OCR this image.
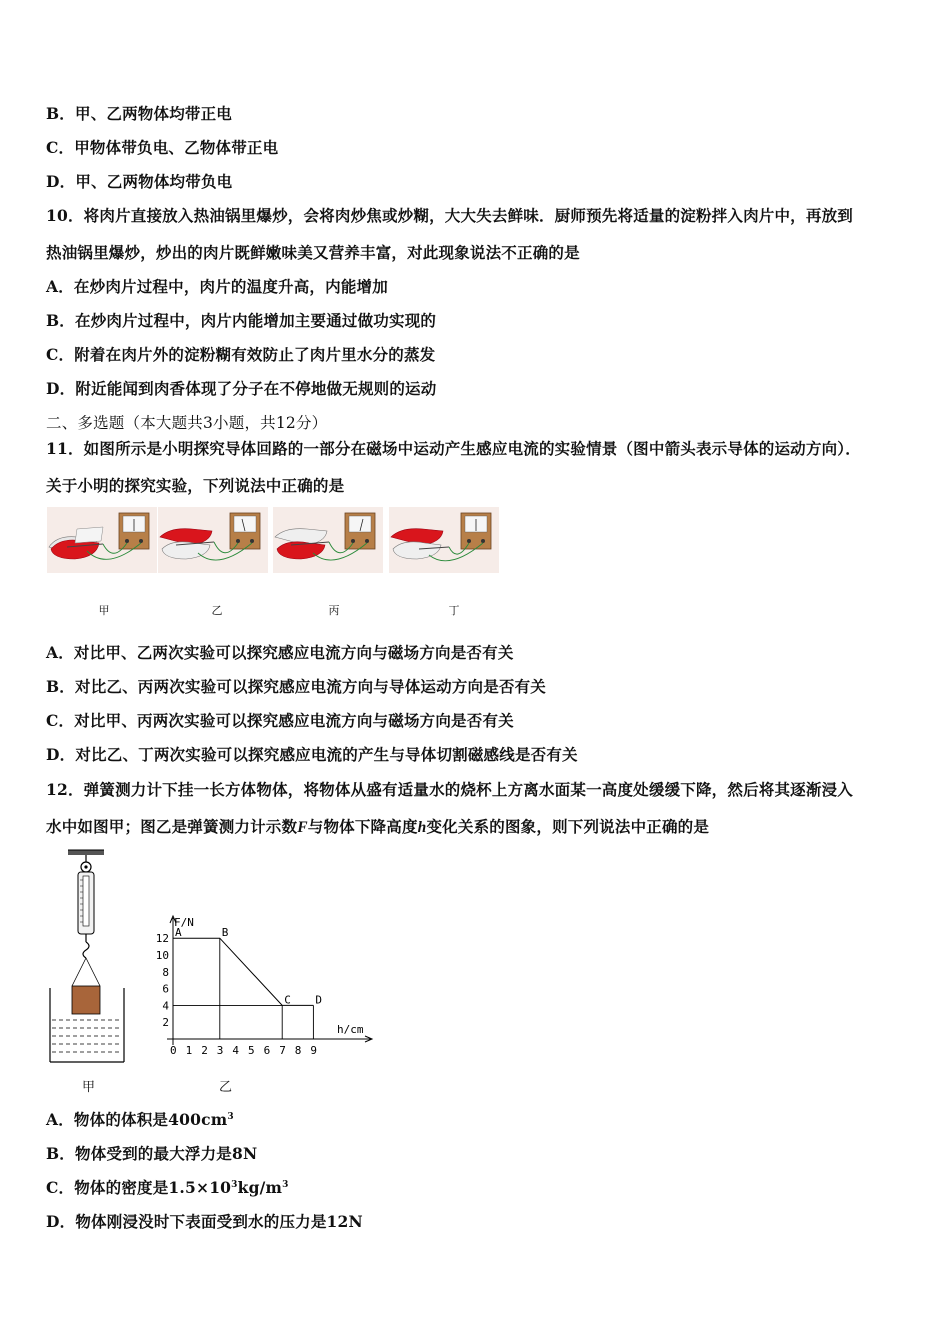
B．甲、乙两物体均带正电
C．甲物体带负电、乙物体带正电
D．甲、乙两物体均带负电
10．将肉片直接放入热油锅里爆炒，会将肉炒焦或炒糊，大大失去鲜味．厨师预先将适量的淀粉拌入肉片中，再放到
热油锅里爆炒，炒出的肉片既鲜嫩味美又营养丰富，对此现象说法不正确的是
A．在炒肉片过程中，肉片的温度升高，内能增加
B．在炒肉片过程中，肉片内能增加主要通过做功实现的
C．附着在肉片外的淀粉糊有效防止了肉片里水分的蒸发
D．附近能闻到肉香体现了分子在不停地做无规则的运动
二、多选题（本大题共3小题，共12分）
11．如图所示是小明探究导体回路的一部分在磁场中运动产生感应电流的实验情景（图中箭头表示导体的运动方向）．
关于小明的探究实验，下列说法中正确的是
甲	乙	丙	丁
A．对比甲、乙两次实验可以探究感应电流方向与磁场方向是否有关
B．对比乙、丙两次实验可以探究感应电流方向与导体运动方向是否有关
C．对比甲、丙两次实验可以探究感应电流方向与磁场方向是否有关
D．对比乙、丁两次实验可以探究感应电流的产生与导体切割磁感线是否有关
12．弹簧测力计下挂一长方体物体，将物体从盛有适量水的烧杯上方离水面某一高度处缓缓下降，然后将其逐渐浸入
水中如图甲；图乙是弹簧测力计示数F与物体下降高度h变化关系的图象，则下列说法中正确的是
甲
F/N
h/cm
0 1 2 3 4 5 6 7 8 9
2
4
6
8
10
12 A	B
C D
乙
A．物体的体积是$400cm^3$
B．物体受到的最大浮力是8N
C．物体的密度是$1.5\times 10^3kg/m^3$
D．物体刚浸没时下表面受到水的压力是12N
